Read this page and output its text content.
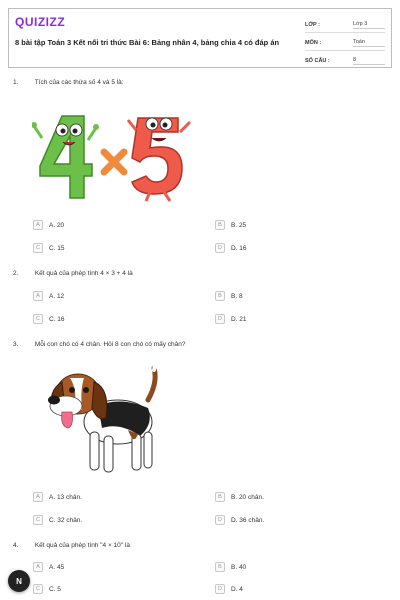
QUIZIZZ
8 bài tập Toán 3 Kết nối tri thức Bài 6: Bảng nhân 4, bảng chia 4 có đáp án
LỚP :	Lớp 3
MÔN :	Toán
SỐ CÂU :	8
1.	Tích của các thừa số 4 và 5 là:
A	A. 20	B	B. 25
C	C. 15	D	D. 16
2.	Kết quả của phép tính 4 × 3 + 4 là
A	A. 12	B	B. 8
C	C. 16	D	D. 21
3.	Mỗi con chó có 4 chân. Hỏi 8 con chó có mấy chân?
A	A. 13 chân.	B	B. 20 chân.
C	C. 32 chân.	D	D. 36 chân.
4.	Kết quả của phép tính "4 × 10" là
A	A. 45	B	B. 40
C	C. 5	D	D. 4
N
